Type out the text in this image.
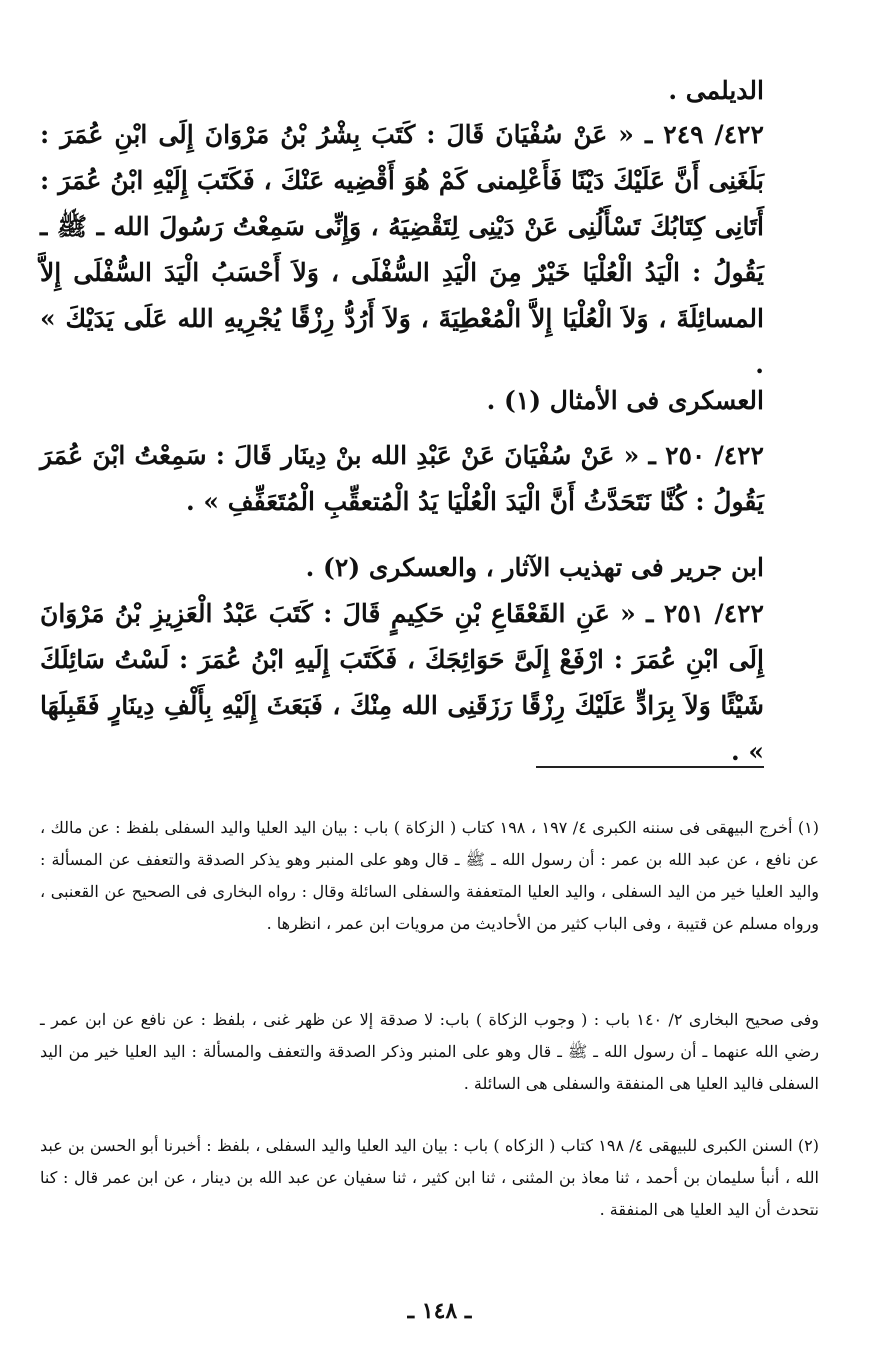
الديلمى .
٤٢٢/ ٢٤٩ ـ « عَنْ سُفْيَانَ قَالَ : كَتَبَ بِشْرُ بْنُ مَرْوَانَ إِلَى ابْنِ عُمَرَ : بَلَغَنِى أَنَّ عَلَيْكَ دَيْنًا فَأَعْلِمنى كَمْ هُوَ أَقْضِيه عَنْكَ ، فَكَتَبَ إِلَيْهِ ابْنُ عُمَرَ : أَتَانِى كِتَابُكَ تَسْأَلُنِى عَنْ دَيْنِى لِتَقْضِيَهُ ، وَإِنِّى سَمِعْتُ رَسُولَ الله ـ ﷺ ـ يَقُولُ : الْيَدُ الْعُلْيَا خَيْرٌ مِنَ الْيَدِ السُّفْلَى ، وَلاَ أَحْسَبُ الْيَدَ السُّفْلَى إِلاَّ المسائِلَةَ ، وَلاَ الْعُلْيَا إِلاَّ الْمُعْطِيَةَ ، وَلاَ أَرُدُّ رِزْقًا يُجْرِيهِ الله عَلَى يَدَيْكَ » .
العسكرى فى الأمثال (١) .
٤٢٢/ ٢٥٠ ـ « عَنْ سُفْيَانَ عَنْ عَبْدِ الله بنْ دِينَار قَالَ : سَمِعْتُ ابْنَ عُمَرَ يَقُولُ : كُنَّا نَتَحَدَّثُ أَنَّ الْيَدَ الْعُلْيَا يَدُ الْمُتعقِّبِ الْمُتَعَفِّفِ » .
ابن جرير فى تهذيب الآثار ، والعسكرى (٢) .
٤٢٢/ ٢٥١ ـ « عَنِ القَعْقَاعِ بْنِ حَكِيمٍ قَالَ : كَتَبَ عَبْدُ الْعَزِيزِ بْنُ مَرْوَانَ إِلَى ابْنِ عُمَرَ : ارْفَعْ إِلَىَّ حَوَائِجَكَ ، فَكَتَبَ إِلَيهِ ابْنُ عُمَرَ : لَسْتُ سَائِلَكَ شَيْئًا وَلاَ بِرَادٍّ عَلَيْكَ رِزْقًا رَزَقَنِى الله مِنْكَ ، فَبَعَثَ إِلَيْهِ بِأَلْفِ دِينَارٍ فَقَبِلَهَا » .
(١) أخرج البيهقى فى سننه الكبرى ٤/ ١٩٧ ، ١٩٨ كتاب ( الزكاة ) باب : بيان اليد العليا واليد السفلى بلفظ : عن مالك ، عن نافع ، عن عبد الله بن عمر : أن رسول الله ـ ﷺ ـ قال وهو على المنبر وهو يذكر الصدقة والتعفف عن المسألة : واليد العليا خير من اليد السفلى ، واليد العليا المتعففة والسفلى السائلة وقال : رواه البخارى فى الصحيح عن القعنبى ، ورواه مسلم عن قتيبة ، وفى الباب كثير من الأحاديث من مرويات ابن عمر ، انظرها .
وفى صحيح البخارى ٢/ ١٤٠ باب : ( وجوب الزكاة ) باب: لا صدقة إلا عن ظهر غنى ، بلفظ : عن نافع عن ابن عمر ـ رضي الله عنهما ـ أن رسول الله ـ ﷺ ـ قال وهو على المنبر وذكر الصدقة والتعفف والمسألة : اليد العليا خير من اليد السفلى فاليد العليا هى المنفقة والسفلى هى السائلة .
(٢) السنن الكبرى للبيهقى ٤/ ١٩٨ كتاب ( الزكاه ) باب : بيان اليد العليا واليد السفلى ، بلفظ : أخبرنا أبو الحسن بن عبد الله ، أنبأ سليمان بن أحمد ، ثنا معاذ بن المثنى ، ثنا ابن كثير ، ثنا سفيان عن عبد الله بن دينار ، عن ابن عمر قال : كنا نتحدث أن اليد العليا هى المنفقة .
ـ ١٤٨ ـ
